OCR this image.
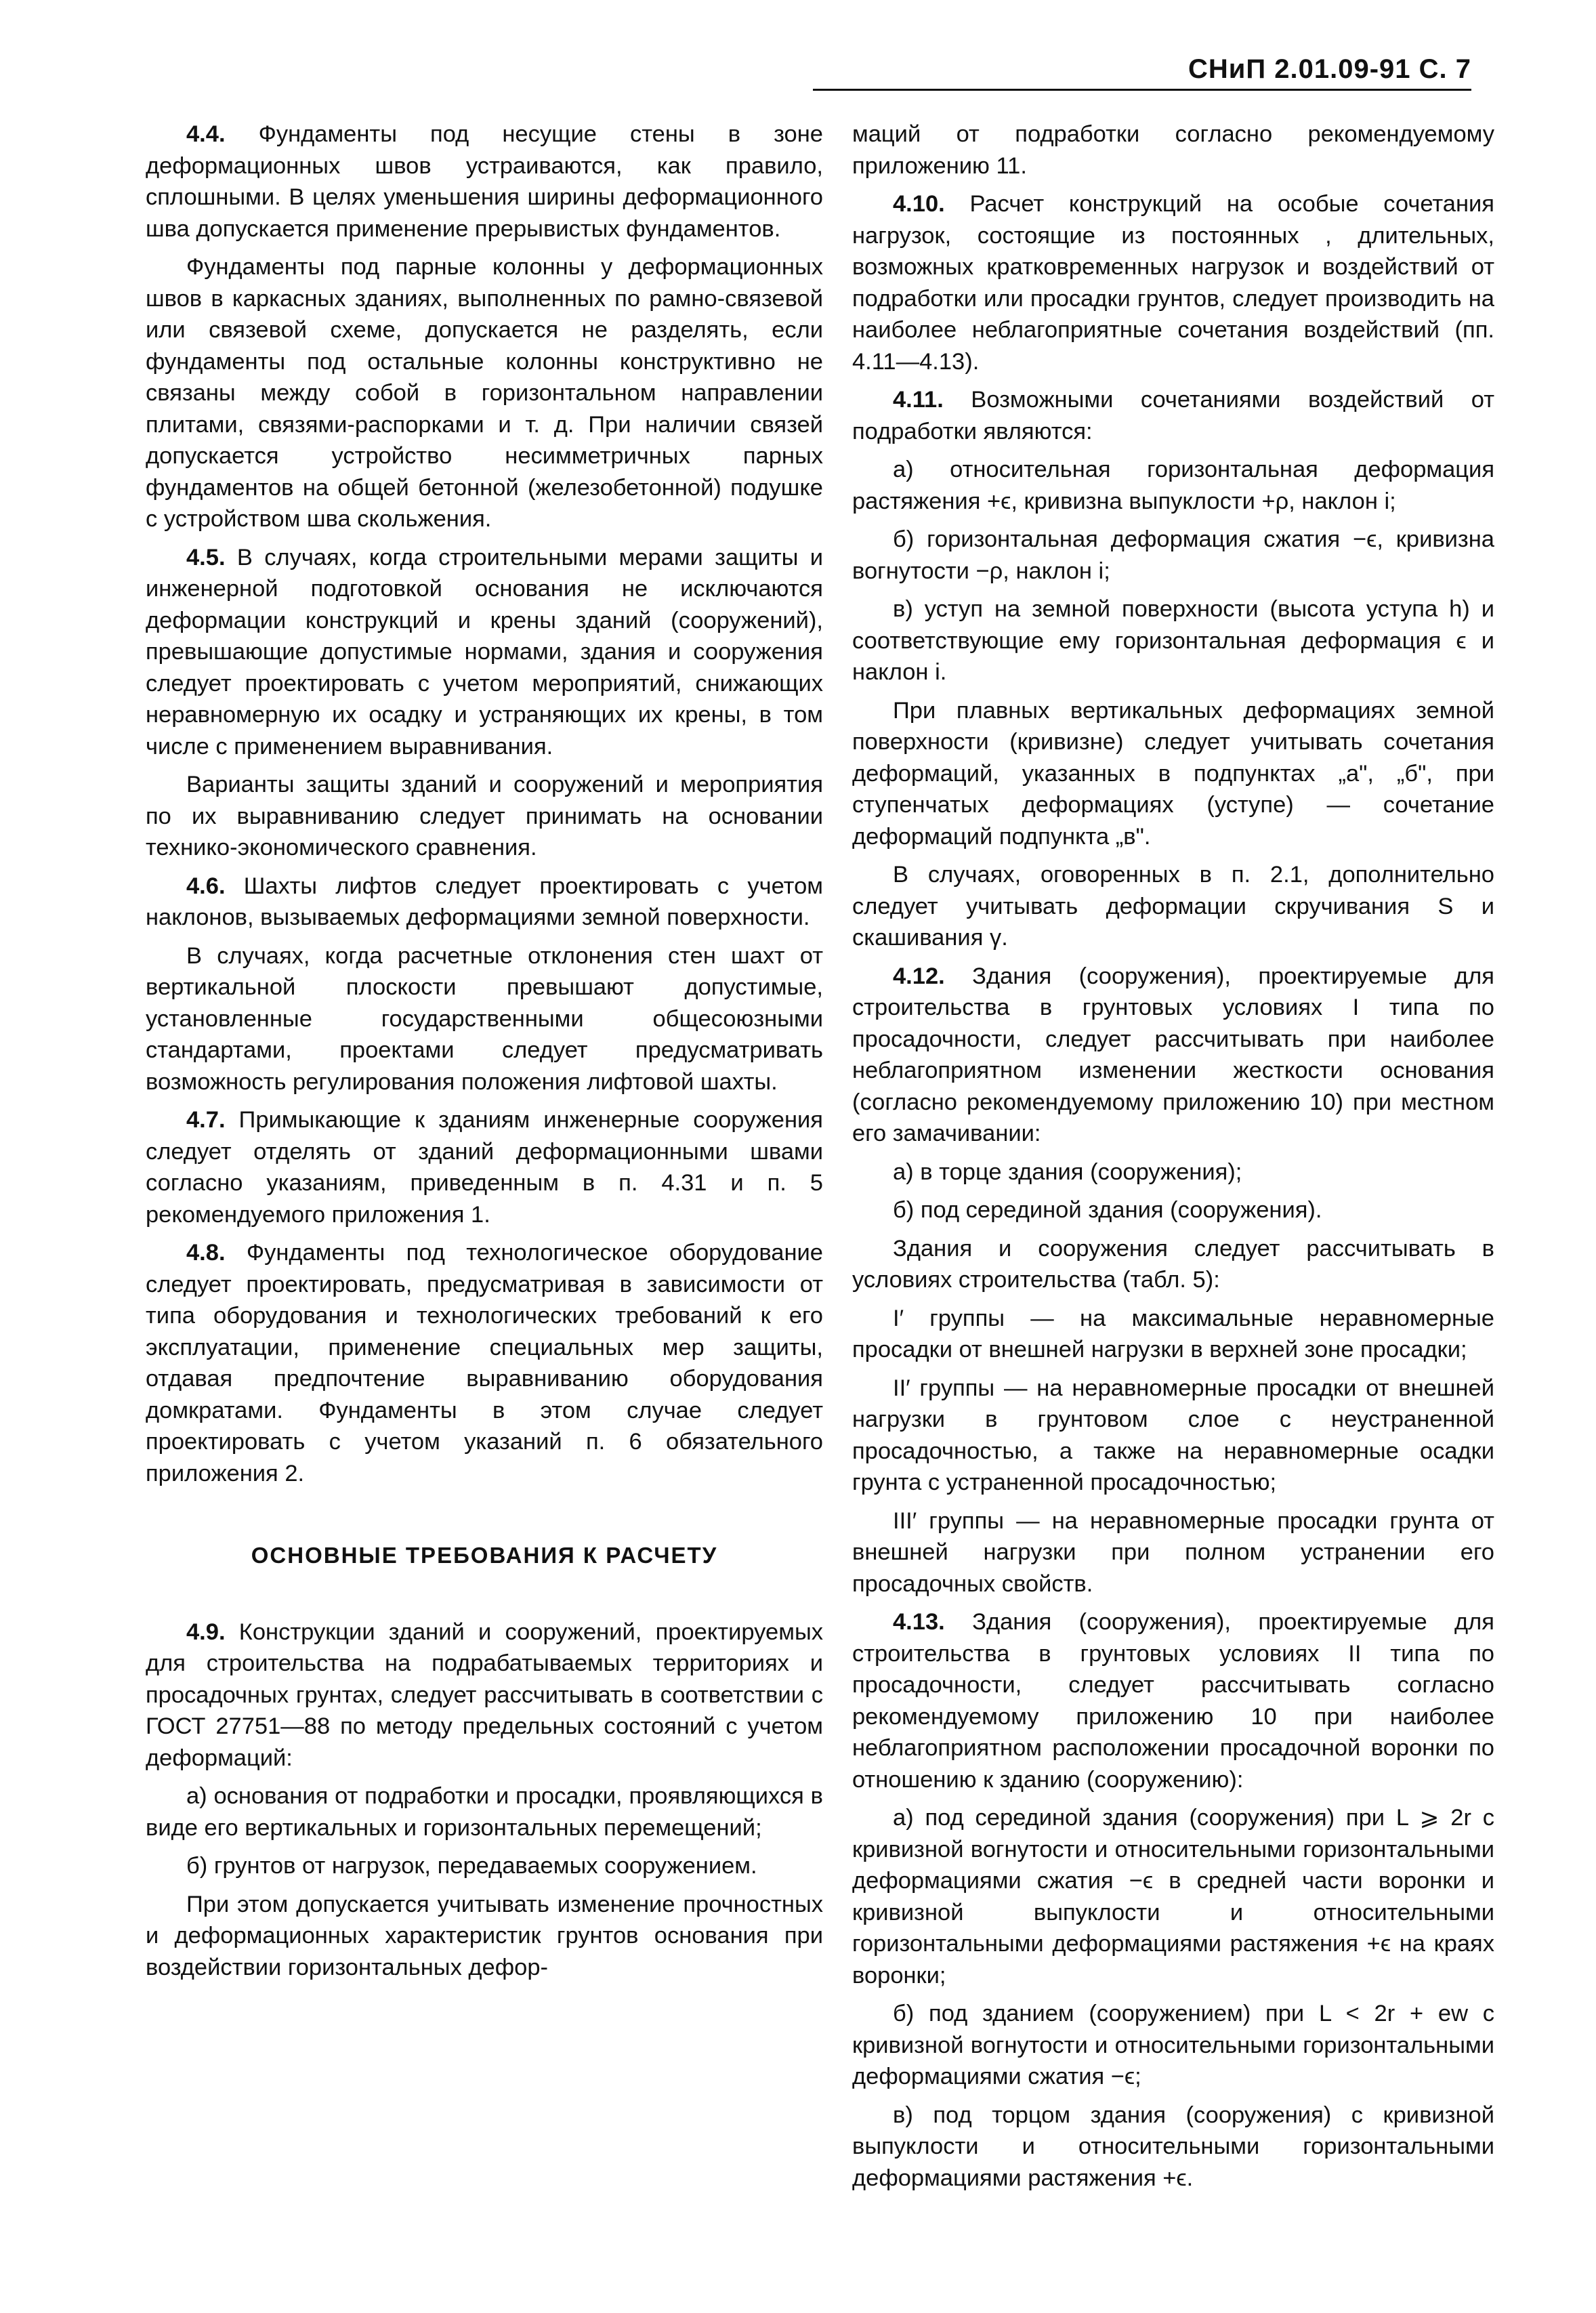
СНиП 2.01.09-91 С. 7

4.4. Фундаменты под несущие стены в зоне деформационных швов устраиваются, как правило, сплошными. В целях уменьшения ширины деформационного шва допускается применение прерывистых фундаментов.

Фундаменты под парные колонны у деформационных швов в каркасных зданиях, выполненных по рамно-связевой или связевой схеме, допускается не разделять, если фундаменты под остальные колонны конструктивно не связаны между собой в горизонтальном направлении плитами, связями-распорками и т. д. При наличии связей допускается устройство несимметричных парных фундаментов на общей бетонной (железобетонной) подушке с устройством шва скольжения.

4.5. В случаях, когда строительными мерами защиты и инженерной подготовкой основания не исключаются деформации конструкций и крены зданий (сооружений), превышающие допустимые нормами, здания и сооружения следует проектировать с учетом мероприятий, снижающих неравномерную их осадку и устраняющих их крены, в том числе с применением выравнивания.

Варианты защиты зданий и сооружений и мероприятия по их выравниванию следует принимать на основании технико-экономического сравнения.

4.6. Шахты лифтов следует проектировать с учетом наклонов, вызываемых деформациями земной поверхности.

В случаях, когда расчетные отклонения стен шахт от вертикальной плоскости превышают допустимые, установленные государственными общесоюзными стандартами, проектами следует предусматривать возможность регулирования положения лифтовой шахты.

4.7. Примыкающие к зданиям инженерные сооружения следует отделять от зданий деформационными швами согласно указаниям, приведенным в п. 4.31 и п. 5 рекомендуемого приложения 1.

4.8. Фундаменты под технологическое оборудование следует проектировать, предусматривая в зависимости от типа оборудования и технологических требований к его эксплуатации, применение специальных мер защиты, отдавая предпочтение выравниванию оборудования домкратами. Фундаменты в этом случае следует проектировать с учетом указаний п. 6 обязательного приложения 2.

ОСНОВНЫЕ ТРЕБОВАНИЯ К РАСЧЕТУ

4.9. Конструкции зданий и сооружений, проектируемых для строительства на подрабатываемых территориях и просадочных грунтах, следует рассчитывать в соответствии с ГОСТ 27751—88 по методу предельных состояний с учетом деформаций:

а) основания от подработки и просадки, проявляющихся в виде его вертикальных и горизонтальных перемещений;

б) грунтов от нагрузок, передаваемых сооружением.

При этом допускается учитывать изменение прочностных и деформационных характеристик грунтов основания при воздействии горизонтальных дефор-

маций от подработки согласно рекомендуемому приложению 11.

4.10. Расчет конструкций на особые сочетания нагрузок, состоящие из постоянных , длительных, возможных кратковременных нагрузок и воздействий от подработки или просадки грунтов, следует производить на наиболее неблагоприятные сочетания воздействий (пп. 4.11—4.13).

4.11. Возможными сочетаниями воздействий от подработки являются:

а) относительная горизонтальная деформация растяжения +ϵ, кривизна выпуклости +ρ, наклон i;

б) горизонтальная деформация сжатия −ϵ, кривизна вогнутости −ρ, наклон i;

в) уступ на земной поверхности (высота уступа h) и соответствующие ему горизонтальная деформация ϵ и наклон i.

При плавных вертикальных деформациях земной поверхности (кривизне) следует учитывать сочетания деформаций, указанных в подпунктах „а", „б", при ступенчатых деформациях (уступе) — сочетание деформаций подпункта „в".

В случаях, оговоренных в п. 2.1, дополнительно следует учитывать деформации скручивания S и скашивания γ.

4.12. Здания (сооружения), проектируемые для строительства в грунтовых условиях I типа по просадочности, следует рассчитывать при наиболее неблагоприятном изменении жесткости основания (согласно рекомендуемому приложению 10) при местном его замачивании:

а) в торце здания (сооружения);

б) под серединой здания (сооружения).

Здания и сооружения следует рассчитывать в условиях строительства (табл. 5):

I′ группы — на максимальные неравномерные просадки от внешней нагрузки в верхней зоне просадки;

II′ группы — на неравномерные просадки от внешней нагрузки в грунтовом слое с неустраненной просадочностью, а также на неравномерные осадки грунта с устраненной просадочностью;

III′ группы — на неравномерные просадки грунта от внешней нагрузки при полном устранении его просадочных свойств.

4.13. Здания (сооружения), проектируемые для строительства в грунтовых условиях II типа по просадочности, следует рассчитывать согласно рекомендуемому приложению 10 при наиболее неблагоприятном расположении просадочной воронки по отношению к зданию (сооружению):

а) под серединой здания (сооружения) при L ⩾ 2r с кривизной вогнутости и относительными горизонтальными деформациями сжатия −ϵ в средней части воронки и кривизной выпуклости и относительными горизонтальными деформациями растяжения +ϵ на краях воронки;

б) под зданием (сооружением) при L < 2r + ew с кривизной вогнутости и относительными горизонтальными деформациями сжатия −ϵ;

в) под торцом здания (сооружения) с кривизной выпуклости и относительными горизонтальными деформациями растяжения +ϵ.
